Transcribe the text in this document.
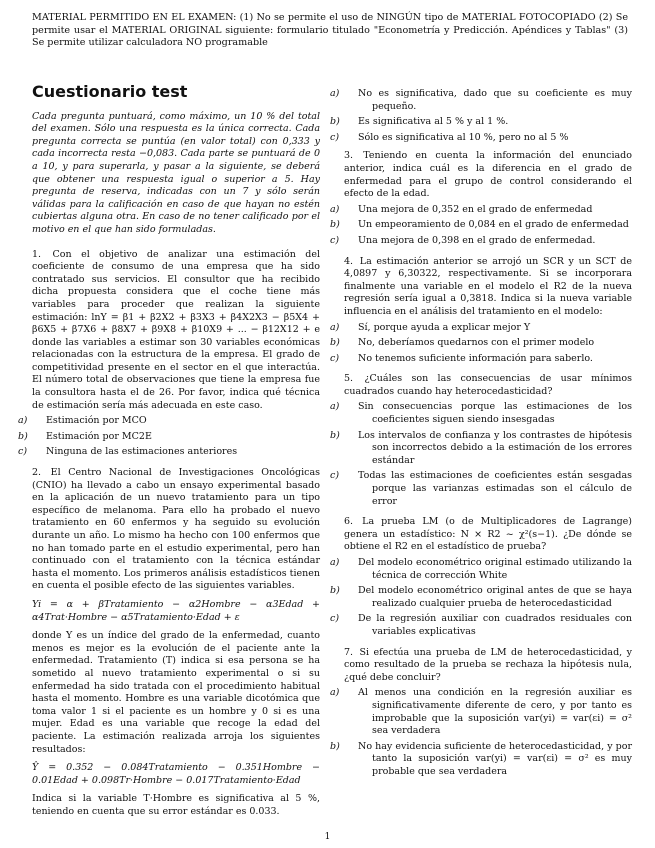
MATERIAL PERMITIDO EN EL EXAMEN: (1) No se permite el uso de NINGÚN tipo de MATERIAL FOTOCOPIADO (2) Se permite usar el MATERIAL ORIGINAL siguiente: formulario titulado "Econometría y Predicción. Apéndices y Tablas" (3) Se permite utilizar calculadora NO programable

Cuestionario test

Cada pregunta puntuará, como máximo, un 10 % del total del examen. Sólo una respuesta es la única correcta. Cada pregunta correcta se puntúa (en valor total) con 0,333 y cada incorrecta resta −0,083. Cada parte se puntuará de 0 a 10, y para superarla, y pasar a la siguiente, se deberá que obtener una respuesta igual o superior a 5. Hay pregunta de reserva, indicadas con un 7 y sólo serán válidas para la calificación en caso de que hayan no estén cubiertas alguna otra. En caso de no tener calificado por el motivo en el que han sido formuladas.

1. Con el objetivo de analizar una estimación del coeficiente de consumo de una empresa que ha sido contratado sus servicios. El consultor que ha recibido dicha propuesta considera que el coche tiene más variables para proceder que realizan la siguiente estimación: lnY = β1 + β2X2 + β3X3 + β4X2X3 − β5X4 + β6X5 + β7X6 + β8X7 + β9X8 + β10X9 + ... − β12X12 + e donde las variables a estimar son 30 variables económicas relacionadas con la estructura de la empresa. El grado de competitividad presente en el sector en el que interactúa. El número total de observaciones que tiene la empresa fue la consultora hasta el de 26. Por favor, indica qué técnica de estimación sería más adecuada en este caso.

a) Estimación por MCO
b) Estimación por MC2E
c) Ninguna de las estimaciones anteriores

2. El Centro Nacional de Investigaciones Oncológicas (CNIO) ha llevado a cabo un ensayo experimental basado en la aplicación de un nuevo tratamiento para un tipo específico de melanoma. Para ello ha probado el nuevo tratamiento en 60 enfermos y ha seguido su evolución durante un año. Lo mismo ha hecho con 100 enfermos que no han tomado parte en el estudio experimental, pero han continuado con el tratamiento con la técnica estándar hasta el momento. Los primeros análisis estadísticos tienen en cuenta el posible efecto de las siguientes variables.

Yi = α + βTratamiento − α2Hombre − α3Edad + α4Trat·Hombre − α5Tratamiento·Edad + ε

donde Y es un índice del grado de la enfermedad, cuanto menos es mejor es la evolución de el paciente ante la enfermedad. Tratamiento (T) indica si esa persona se ha sometido al nuevo tratamiento experimental o si su enfermedad ha sido tratada con el procedimiento habitual hasta el momento. Hombre es una variable dicotómica que toma valor 1 si el paciente es un hombre y 0 si es una mujer. Edad es una variable que recoge la edad del paciente. La estimación realizada arroja los siguientes resultados:

Ŷ = 0.352 − 0.084Tratamiento − 0.351Hombre − 0.01Edad + 0.098Tr·Hombre − 0.017Tratamiento·Edad

Indica si la variable T·Hombre es significativa al 5 %, teniendo en cuenta que su error estándar es 0.033.

a) No es significativa, dado que su coeficiente es muy pequeño.
b) Es significativa al 5 % y al 1 %.
c) Sólo es significativa al 10 %, pero no al 5 %

3. Teniendo en cuenta la información del enunciado anterior, indica cuál es la diferencia en el grado de enfermedad para el grupo de control considerando el efecto de la edad.

a) Una mejora de 0,352 en el grado de enfermedad
b) Un empeoramiento de 0,084 en el grado de enfermedad
c) Una mejora de 0,398 en el grado de enfermedad.

4. La estimación anterior se arrojó un SCR y un SCT de 4,0897 y 6,30322, respectivamente. Si se incorporara finalmente una variable en el modelo el R2 de la nueva regresión sería igual a 0,3818. Indica si la nueva variable influencia en el análisis del tratamiento en el modelo:

a) Sí, porque ayuda a explicar mejor Y
b) No, deberíamos quedarnos con el primer modelo
c) No tenemos suficiente información para saberlo.

5. ¿Cuáles son las consecuencias de usar mínimos cuadrados cuando hay heterocedasticidad?

a) Sin consecuencias porque las estimaciones de los coeficientes siguen siendo insesgadas
b) Los intervalos de confianza y los contrastes de hipótesis son incorrectos debido a la estimación de los errores estándar
c) Todas las estimaciones de coeficientes están sesgadas porque las varianzas estimadas son el cálculo de error

6. La prueba LM (o de Multiplicadores de Lagrange) genera un estadístico: N × R2 ~ χ²(s−1). ¿De dónde se obtiene el R2 en el estadístico de prueba?

a) Del modelo econométrico original estimado utilizando la técnica de corrección White
b) Del modelo econométrico original antes de que se haya realizado cualquier prueba de heterocedasticidad
c) De la regresión auxiliar con cuadrados residuales con variables explicativas

7. Si efectúa una prueba de LM de heterocedasticidad, y como resultado de la prueba se rechaza la hipótesis nula, ¿qué debe concluir?

a) Al menos una condición en la regresión auxiliar es significativamente diferente de cero, y por tanto es improbable que la suposición var(yi) = var(εi) = σ² sea verdadera
b) No hay evidencia suficiente de heterocedasticidad, y por tanto la suposición var(yi) = var(εi) = σ² es muy probable que sea verdadera
1
